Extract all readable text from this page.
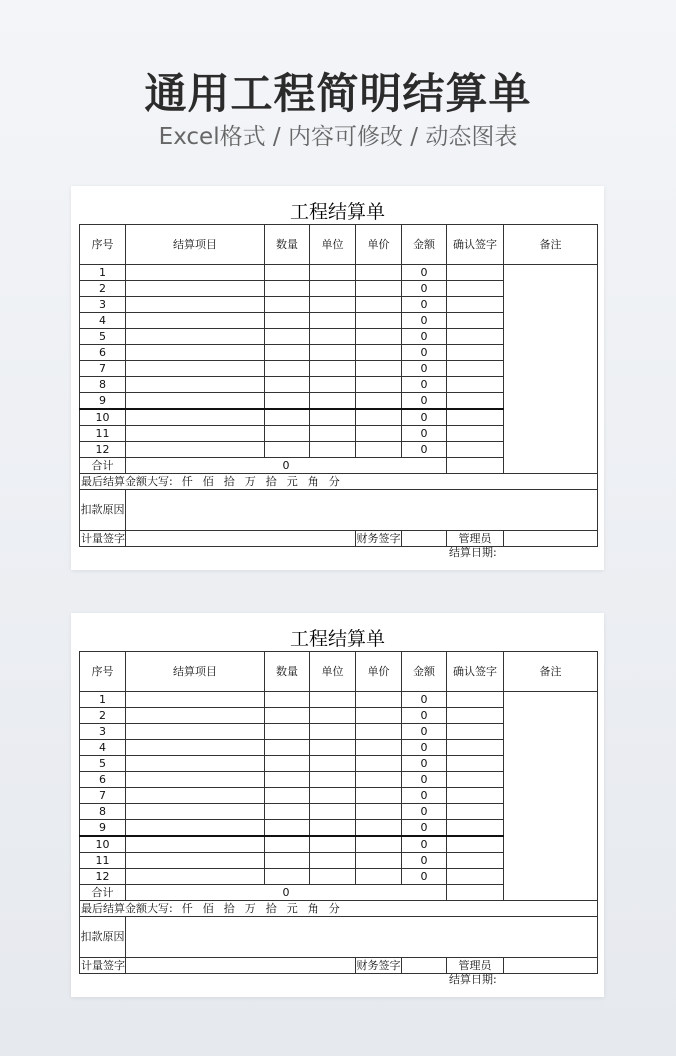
通用工程简明结算单
Excel格式 / 内容可修改 / 动态图表
工程结算单
序号	结算项目	数量	单位	单价	金额	确认签字	备注
1					0		
2					0		
3					0		
4					0		
5					0		
6					0		
7					0		
8					0		
9					0		
10					0		
11					0		
12					0		
合计	0						
最后结算金额大写: 仟 佰 拾 万 拾 元 角 分							
扣款原因							
计量签字				财务签字		管理员	
结算日期:
工程结算单
序号	结算项目	数量	单位	单价	金额	确认签字	备注
1					0		
2					0		
3					0		
4					0		
5					0		
6					0		
7					0		
8					0		
9					0		
10					0		
11					0		
12					0		
合计	0						
最后结算金额大写: 仟 佰 拾 万 拾 元 角 分							
扣款原因							
计量签字				财务签字		管理员	
结算日期:
